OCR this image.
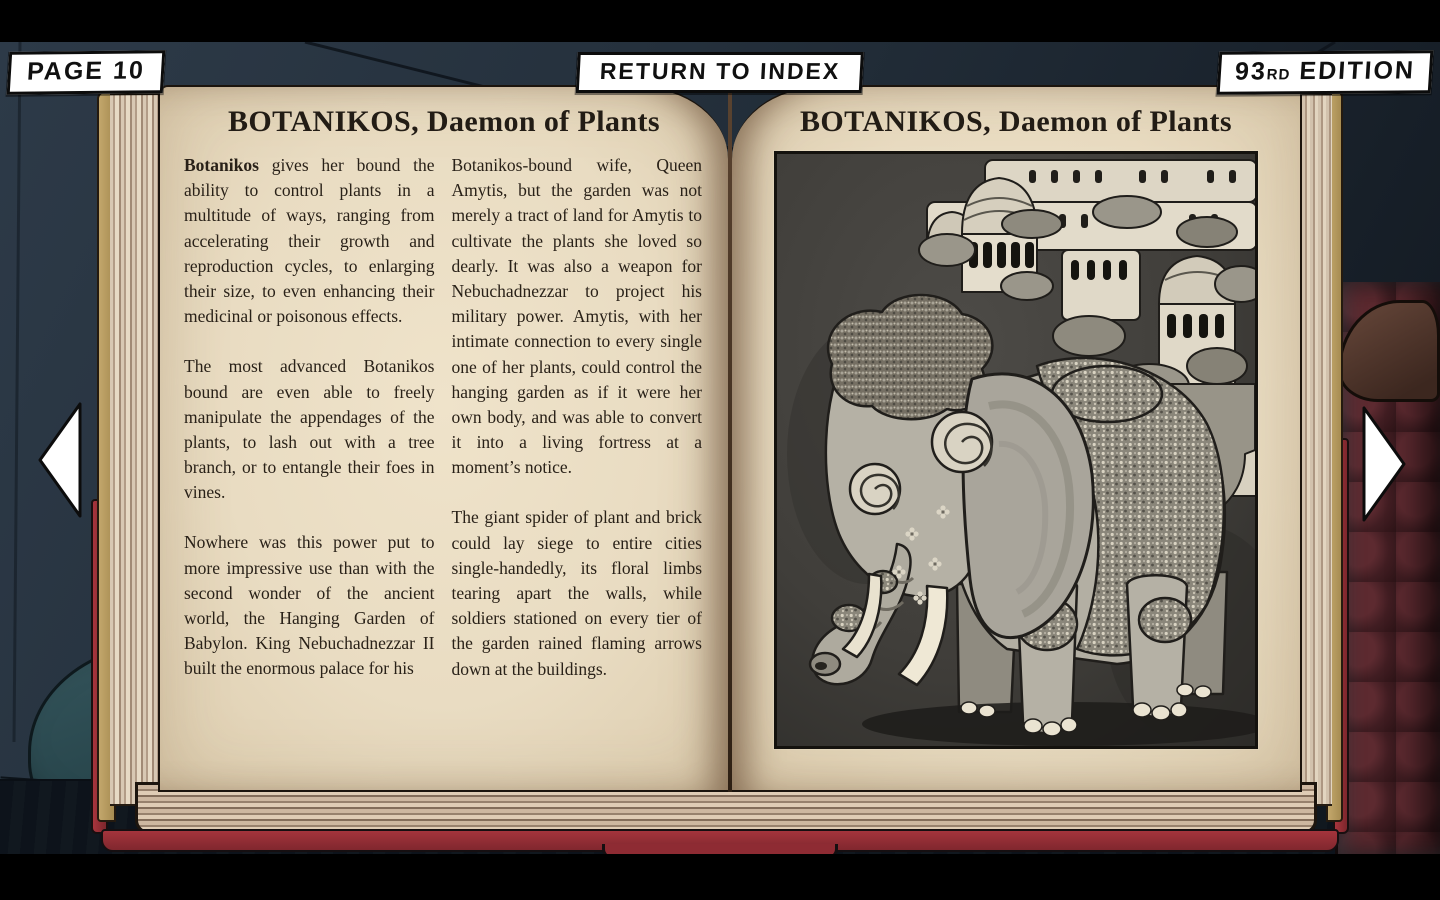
BOTANIKOS, Daemon of Plants

Botanikos gives her bound the ability to control plants in a multitude of ways, ranging from accelerating their growth and reproduction cycles, to enlarging their size, to even enhancing their medicinal or poisonous effects.

The most advanced Botanikos bound are even able to freely manipulate the appendages of the plants, to lash out with a tree branch, or to entangle their foes in vines.

Nowhere was this power put to more impressive use than with the second wonder of the ancient world, the Hanging Garden of Babylon. King Nebuchadnezzar II built the enormous palace for his

Botanikos-bound wife, Queen Amytis, but the garden was not merely a tract of land for Amytis to cultivate the plants she loved so dearly. It was also a weapon for Nebuchadnezzar to project his military power. Amytis, with her intimate connection to every single one of her plants, could control the hanging garden as if it were her own body, and was able to convert it into a living fortress at a moment’s notice.

The giant spider of plant and brick could lay siege to entire cities single-handedly, its floral limbs tearing apart the walls, while soldiers stationed on every tier of the garden rained flaming arrows down at the buildings.

BOTANIKOS, Daemon of Plants
PAGE 10	RETURN TO INDEX	93RD EDITION
